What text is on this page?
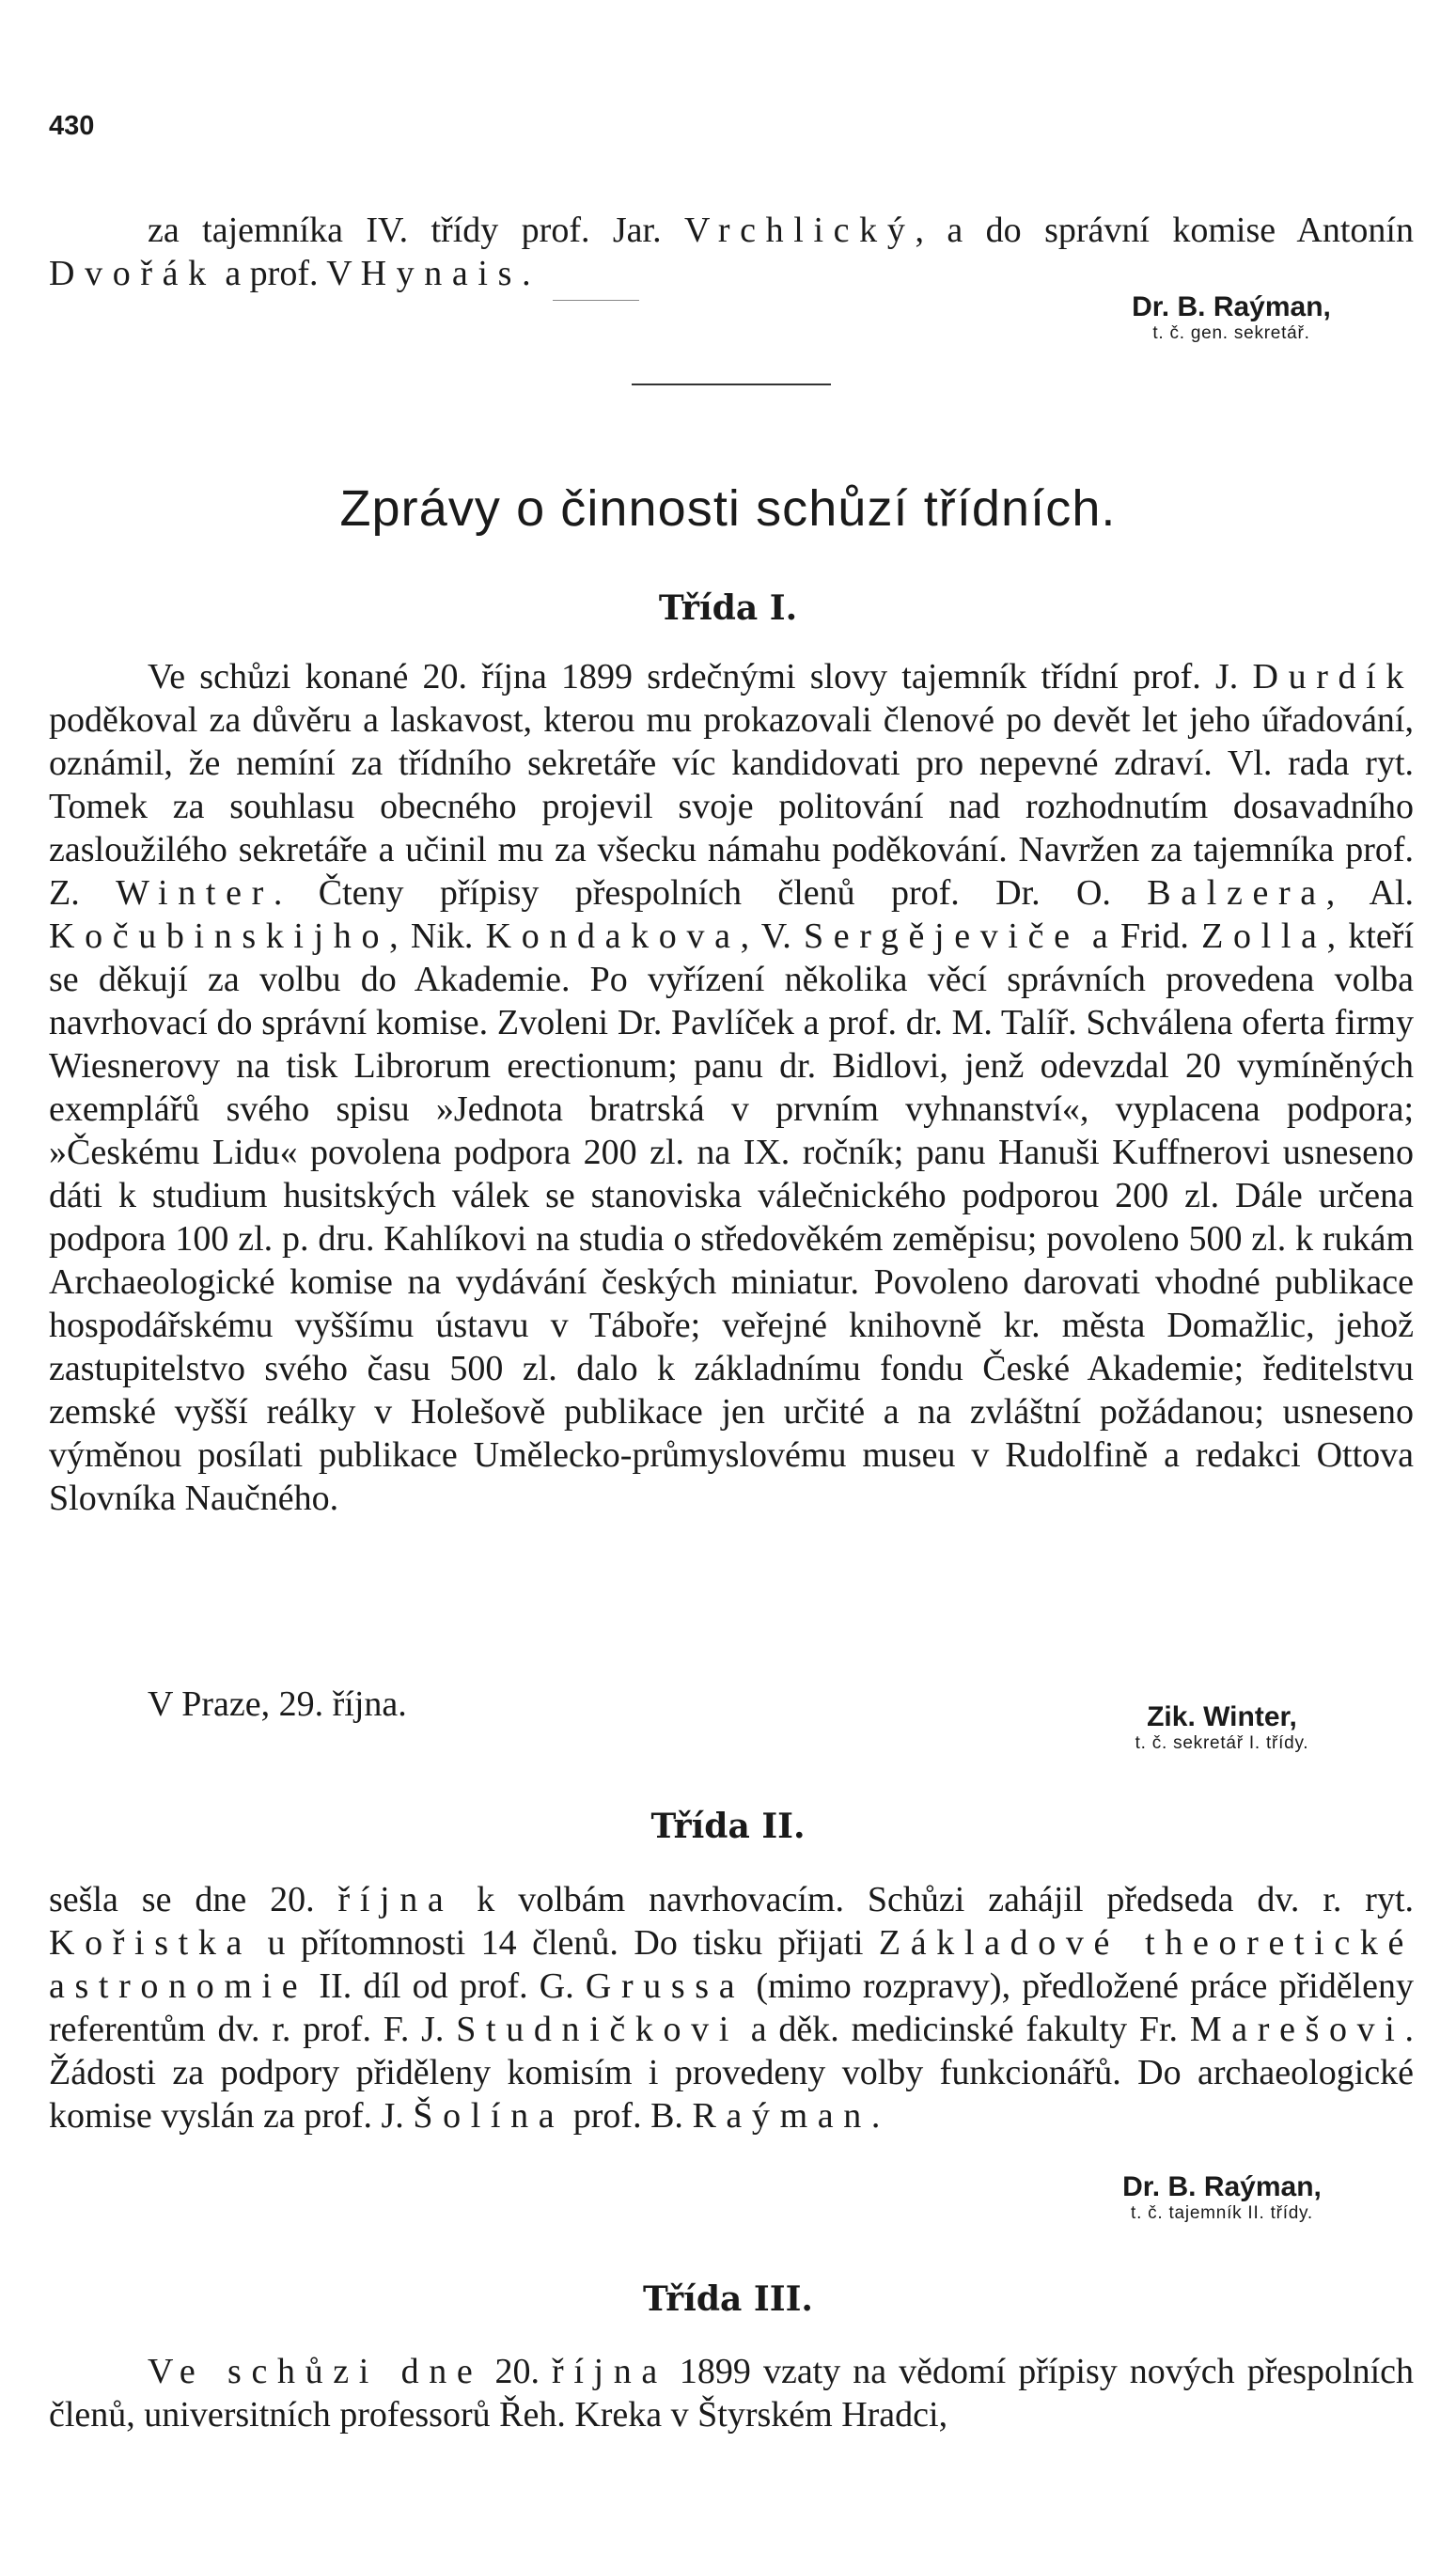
430

za tajemníka IV. třídy prof. Jar. Vrchlický, a do správní komise Antonín Dvořák a prof. V Hynais.

Dr. B. Raýman,
t. č. gen. sekretář.
Zprávy o činnosti schůzí třídních.
Třída I.

Ve schůzi konané 20. října 1899 srdečnými slovy tajemník třídní prof. J. Durdík poděkoval za důvěru a laskavost, kterou mu prokazovali členové po devět let jeho úřadování, oznámil, že nemíní za třídního sekretáře víc kandidovati pro nepevné zdraví. Vl. rada ryt. Tomek za souhlasu obecného projevil svoje politování nad rozhodnutím dosavadního zasloužilého sekretáře a učinil mu za všecku námahu poděkování. Navržen za tajemníka prof. Z. Winter. Čteny přípisy přespolních členů prof. Dr. O. Balzera, Al. Kočubinskijho, Nik. Kondakova, V. Sergějeviče a Frid. Zolla, kteří se děkují za volbu do Akademie. Po vyřízení několika věcí správních provedena volba navrhovací do správní komise. Zvoleni Dr. Pavlíček a prof. dr. M. Talíř. Schválena oferta firmy Wiesnerovy na tisk Librorum erectionum; panu dr. Bidlovi, jenž odevzdal 20 vymíněných exemplářů svého spisu »Jednota bratrská v prvním vyhnanství«, vyplacena podpora; »Českému Lidu« povolena podpora 200 zl. na IX. ročník; panu Hanuši Kuffnerovi usneseno dáti k studium husitských válek se stanoviska válečnického podporou 200 zl. Dále určena podpora 100 zl. p. dru. Kahlíkovi na studia o středověkém zeměpisu; povoleno 500 zl. k rukám Archaeologické komise na vydávání českých miniatur. Povoleno darovati vhodné publikace hospodářskému vyššímu ústavu v Táboře; veřejné knihovně kr. města Domažlic, jehož zastupitelstvo svého času 500 zl. dalo k základnímu fondu České Akademie; ředitelstvu zemské vyšší reálky v Holešově publikace jen určité a na zvláštní požádanou; usneseno výměnou posílati publikace Umělecko-průmyslovému museu v Rudolfině a redakci Ottova Slovníka Naučného.

V Praze, 29. října.	Zik. Winter,
t. č. sekretář I. třídy.
Třída II.

sešla se dne 20. října k volbám navrhovacím. Schůzi zahájil předseda dv. r. ryt. Kořistka u přítomnosti 14 členů. Do tisku přijati Základové theoretické astronomie II. díl od prof. G. Grussa (mimo rozpravy), předložené práce přiděleny referentům dv. r. prof. F. J. Studničkovi a děk. medicinské fakulty Fr. Marešovi. Žádosti za podpory přiděleny komisím i provedeny volby funkcionářů. Do archaeologické komise vyslán za prof. J. Šolína prof. B. Raýman.

Dr. B. Raýman,
t. č. tajemník II. třídy.
Třída III.

Ve schůzi dne 20. října 1899 vzaty na vědomí přípisy nových přespolních členů, universitních professorů Řeh. Kreka v Štyrském Hradci,
